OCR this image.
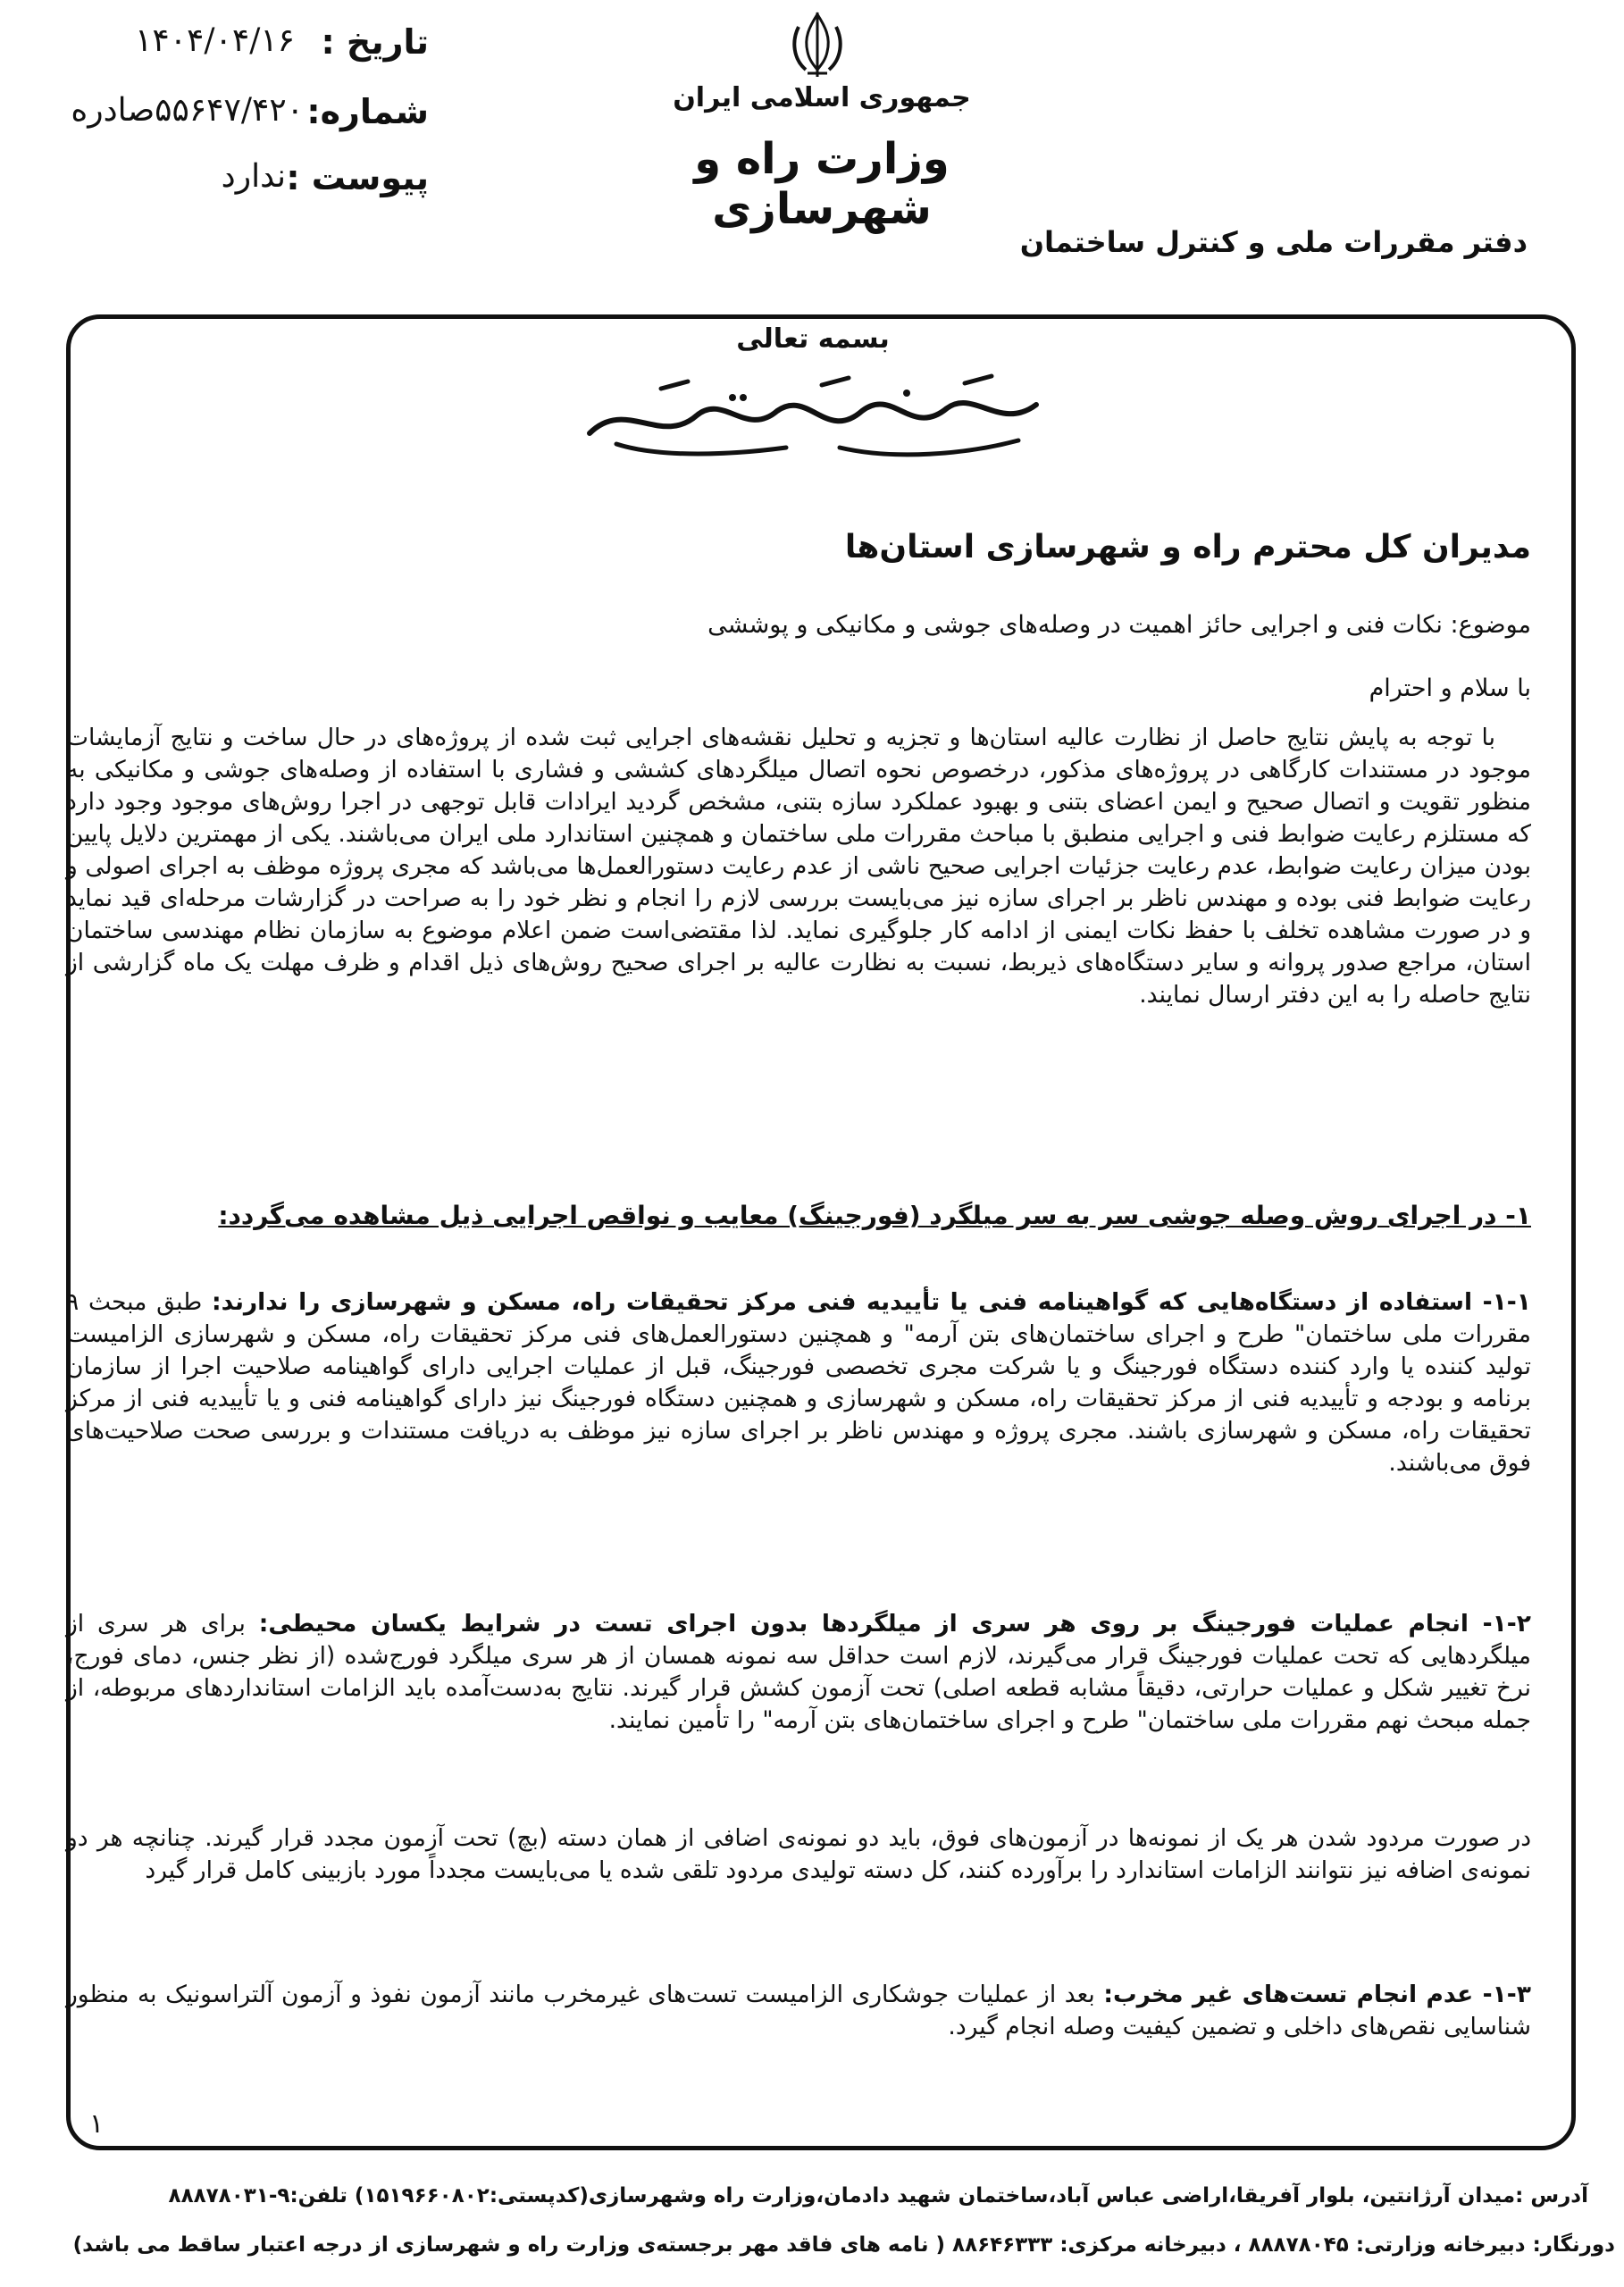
تاریخ :
۱۴۰۴/۰۴/۱۶
شماره:
۵۵۶۴۷/۴۲۰صادره
پیوست :
ندارد
جمهوری اسلامی ایران
وزارت راه و شهرسازی
دفتر مقررات ملی و کنترل ساختمان
بسمه تعالی
مدیران کل محترم راه و شهرسازی استان‌ها
موضوع: نکات فنی و اجرایی حائز اهمیت در وصله‌های جوشی و مکانیکی و پوششی
با سلام و احترام

با توجه به پایش نتایج حاصل از نظارت عالیه استان‌ها و تجزیه و تحلیل نقشه‌های اجرایی ثبت شده از پروژه‌های در حال ساخت و نتایج آزمایشات موجود در مستندات کارگاهی در پروژه‌های مذکور، درخصوص نحوه اتصال میلگردهای کششی و فشاری با استفاده از وصله‌های جوشی و مکانیکی به منظور تقویت و اتصال صحیح و ایمن اعضای بتنی و بهبود عملکرد سازه بتنی، مشخص گردید ایرادات قابل توجهی در اجرا روش‌های موجود وجود دارد که مستلزم رعایت ضوابط فنی و اجرایی منطبق با مباحث مقررات ملی ساختمان و همچنین استاندارد ملی ایران می‌باشند. یکی از مهمترین دلایل پایین بودن میزان رعایت ضوابط، عدم رعایت جزئیات اجرایی صحیح ناشی از عدم رعایت دستورالعمل‌ها می‌باشد که مجری پروژه موظف به اجرای اصولی و رعایت ضوابط فنی بوده و مهندس ناظر بر اجرای سازه نیز می‌بایست بررسی لازم را انجام و نظر خود را به صراحت در گزارشات مرحله‌ای قید نماید و در صورت مشاهده تخلف با حفظ نکات ایمنی از ادامه کار جلوگیری نماید. لذا مقتضی‌است ضمن اعلام موضوع به سازمان نظام مهندسی ساختمان استان، مراجع صدور پروانه و سایر دستگاه‌های ذیربط، نسبت به نظارت عالیه بر اجرای صحیح روش‌های ذیل اقدام و ظرف مهلت یک ماه گزارشی از نتایج حاصله را به این دفتر ارسال نمایند.

۱- در اجرای روش وصله جوشی سر به سر میلگرد (فورجینگ) معایب و نواقص اجرایی ذیل مشاهده می‌گردد:
۱-۱- استفاده از دستگاه‌هایی که گواهینامه فنی یا تأییدیه فنی مرکز تحقیقات راه، مسکن و شهرسازی را ندارند: طبق مبحث ۹ مقررات ملی ساختمان" طرح و اجرای ساختمان‌های بتن آرمه" و همچنین دستورالعمل‌های فنی مرکز تحقیقات راه، مسکن و شهرسازی الزامیست تولید کننده یا وارد کننده دستگاه فورجینگ و یا شرکت مجری تخصصی فورجینگ، قبل از عملیات اجرایی دارای گواهینامه صلاحیت اجرا از سازمان برنامه و بودجه و تأییدیه فنی از مرکز تحقیقات راه، مسکن و شهرسازی و همچنین دستگاه فورجینگ نیز دارای گواهینامه فنی و یا تأییدیه فنی از مرکز تحقیقات راه، مسکن و شهرسازی باشند. مجری پروژه و مهندس ناظر بر اجرای سازه نیز موظف به دریافت مستندات و بررسی صحت صلاحیت‌های فوق می‌باشند.
۱-۲- انجام عملیات فورجینگ بر روی هر سری از میلگردها بدون اجرای تست در شرایط یکسان محیطی: برای هر سری از میلگردهایی که تحت عملیات فورجینگ قرار می‌گیرند، لازم است حداقل سه نمونه همسان از هر سری میلگرد فورج‌شده (از نظر جنس، دمای فورج، نرخ تغییر شکل و عملیات حرارتی، دقیقاً مشابه قطعه اصلی) تحت آزمون کشش قرار گیرند. نتایج به‌دست‌آمده باید الزامات استانداردهای مربوطه، از جمله مبحث نهم مقررات ملی ساختمان" طرح و اجرای ساختمان‌های بتن آرمه" را تأمین نمایند.

در صورت مردود شدن هر یک از نمونه‌ها در آزمون‌های فوق، باید دو نمونه‌ی اضافی از همان دسته (بچ) تحت آزمون مجدد قرار گیرند. چنانچه هر دو نمونه‌ی اضافه نیز نتوانند الزامات استاندارد را برآورده کنند، کل دسته تولیدی مردود تلقی شده یا می‌بایست مجدداً مورد بازبینی کامل قرار گیرد

۱-۳- عدم انجام تست‌های غیر مخرب: بعد از عملیات جوشکاری الزامیست تست‌های غیرمخرب مانند آزمون نفوذ و آزمون آلتراسونیک به منظور شناسایی نقص‌های داخلی و تضمین کیفیت وصله انجام گیرد.
۱
آدرس :میدان آرژانتین، بلوار آفریقا،اراضی عباس آباد،ساختمان شهید دادمان،وزارت راه وشهرسازی(کدپستی:۱۵۱۹۶۶۰۸۰۲) تلفن:۹-۸۸۸۷۸۰۳۱
دورنگار: دبیرخانه وزارتی: ۸۸۸۷۸۰۴۵ ، دبیرخانه مرکزی: ۸۸۶۴۶۳۳۳ ( نامه های فاقد مهر برجسته‌ی وزارت راه و شهرسازی از درجه اعتبار ساقط می باشد)
